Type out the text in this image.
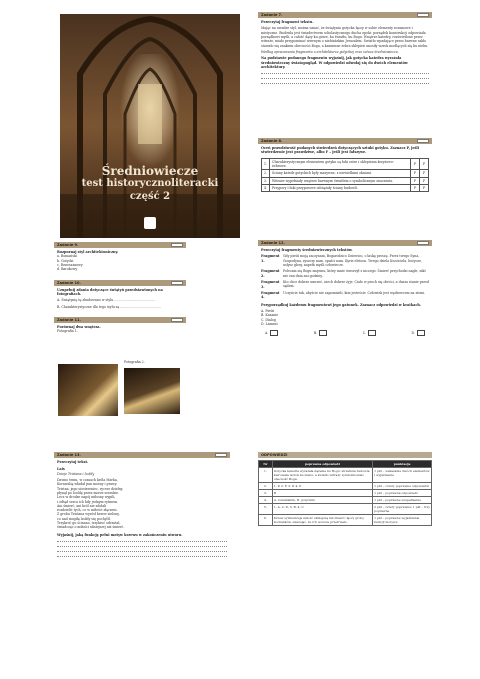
Średniowiecze
test historycznoliteracki
część 2
Zadanie 7.
Przeczytaj fragment tekstu.
Mając na uwadze styl, można uznać, że świątynia gotycka łączy w sobie elementy rozumowe i mistyczne. Budowla jest świadectwem scholastycznego ducha epoki: porządek konstrukcji odpowiada porządkowi myśli, a całość dąży ku górze, ku światłu, ku Bogu. Wnętrze katedry, rozświetlone przez witraże, miało przypominać wiernym o niebiańskim Jeruzalem. Światło wpadające przez barwne szkło stawało się znakiem obecności Boga, a kamienne żebra sklepień unosiły wzrok modlących się ku niebu.
Według opracowania fragmentu o architekturze gotyckiej oraz sztuce średniowiecza.
Na podstawie podanego fragmentu wyjaśnij, jak gotycka katedra wyrażała średniowieczny światopogląd. W odpowiedzi odwołaj się do dwóch elementów architektury.
Zadanie 8.
Oceń prawdziwość podanych stwierdzeń dotyczących sztuki gotyku. Zaznacz P, jeśli stwierdzenie jest prawdziwe, albo F – jeśli jest fałszywe.
1.	Charakterystycznym elementem gotyku są łuki ostre i sklepienia krzyżowo-żebrowe.	P	F
2.	Ściany katedr gotyckich były masywne, z niewielkimi oknami.	P	F
3.	Witraże wypełniały wnętrze barwnym światłem o symbolicznym znaczeniu.	P	F
4.	Przypory i łuki przyporowe odciążały ściany budowli.	P	F
Zadanie 9.
Rozpoznaj styl architektoniczny.
a. Romański
b. Gotycki
c. Renesansowy
d. Barokowy
Zadanie 10.
Uzupełnij zdania dotyczące świątyń przedstawionych na fotografiach.
A. Świątynię tę zbudowano w stylu ........................................
B. Charakterystyczne dla tego stylu są ........................................
Zadanie 11.
Porównaj dwa wnętrza.
Fotografia 1.
Fotografia 2.
Zadanie 12.
Przeczytaj fragmenty średniowiecznych tekstów.
Fragment 1.
Gdy pieśń moją zaczynam, Bogarodzico Dziewico, o łaskę proszę. Przez twego Syna, Gospodyna, zyszczy nam, spuści nam. Kyrie eleison. Twego dziela Krzciciela, bożycze, usłysz głosy, napełń myśli człowiecze.
Fragment 2.
Polecam się Bogu mojemu, który mnie stworzył z niczego. Śmierć przychodzi nagle, nikt nie zna dnia ani godziny.
Fragment 3.
Kto chce dobrze umrzeć, niech dobrze żyje. Ciało w proch się obróci, a dusza stanie przed sądem.
Fragment 4.
Uczyńcie tak, abyście nie zapomnieli, kim jesteście. Człowiek jest wędrowcem na ziemi.
Przyporządkuj każdemu fragmentowi jego gatunek. Zaznacz odpowiedzi w kratkach.
A. Pieśń
B. Kazanie
C. Dialog
D. Lament
A.	B.	C.	D.
Zadanie 13.
Przeczytaj tekst.
Lais
Dzieje Tristana i Izoldy
Dawno temu, w czasach króla Marka,
Kornwalią władał pan możny i prawy.
Tristan, jego siostrzeniec, rycerz dzielny,
płynął po Izoldę przez morze szerokie.
Lecz w drodze napój miłosny wypili,
i odtąd serca ich biły jednym rytmem.
Ani śmierć, ani król nie zdołali
rozdzielić tych, co w miłości złączeni.
Z grobu Tristana wyrósł krzew zielony,
co nad mogiłą Izoldy się pochylił.
Trzykroć go ścinano, trzykroć odrastał,
świadcząc o miłości silniejszej niż śmierć.
Wyjaśnij, jaką funkcję pełni motyw krzewu w zakończeniu utworu.
ODPOWIEDZI
Nr	poprawna odpowiedź	punktacja
1.	Gotycka katedra wyrażała dążenie ku Bogu: strzelista budowla kierowała wzrok ku niebu, a światło witraży symbolizowało obecność Boga.	1 pkt – wskazanie dwóch elementów i wyjaśnienie
2.	1. P, 2. F, 3. P, 4. P	1 pkt – cztery poprawne odpowiedzi
3.	B	1 pkt – poprawna odpowiedź
4.	A. romańskim, B. gotyckim	1 pkt – poprawne uzupełnienie
5.	1. A, 2. D, 3. B, 4. C	2 pkt – cztery poprawne; 1 pkt – trzy poprawne
6.	Krzew symbolizuje miłość silniejszą niż śmierć; łączy groby kochanków, ukazując, że ich uczucie przetrwało.	1 pkt – poprawne wyjaśnienie funkcji motywu
